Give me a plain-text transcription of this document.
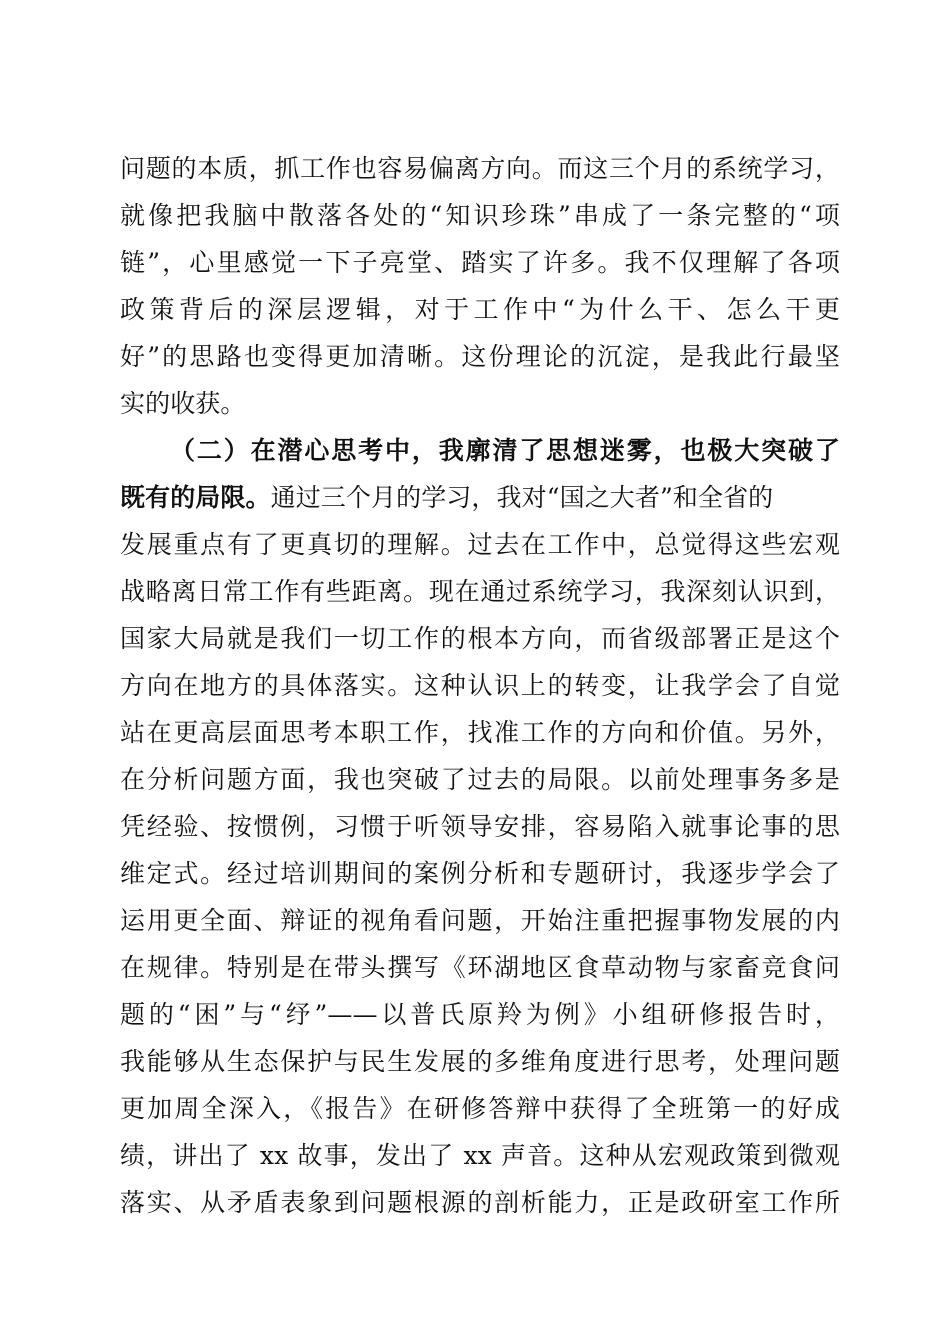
问题的本质，抓工作也容易偏离方向。而这三个月的系统学习，
就像把我脑中散落各处的“知识珍珠”串成了一条完整的“项
链”，心里感觉一下子亮堂、踏实了许多。我不仅理解了各项
政策背后的深层逻辑，对于工作中“为什么干、怎么干更
好”的思路也变得更加清晰。这份理论的沉淀，是我此行最坚
实的收获。
（二）在潜心思考中，我廓清了思想迷雾，也极大突破了
既有的局限。通过三个月的学习，我对“国之大者”和全省的
发展重点有了更真切的理解。过去在工作中，总觉得这些宏观
战略离日常工作有些距离。现在通过系统学习，我深刻认识到，
国家大局就是我们一切工作的根本方向，而省级部署正是这个
方向在地方的具体落实。这种认识上的转变，让我学会了自觉
站在更高层面思考本职工作，找准工作的方向和价值。另外，
在分析问题方面，我也突破了过去的局限。以前处理事务多是
凭经验、按惯例，习惯于听领导安排，容易陷入就事论事的思
维定式。经过培训期间的案例分析和专题研讨，我逐步学会了
运用更全面、辩证的视角看问题，开始注重把握事物发展的内
在规律。特别是在带头撰写《环湖地区食草动物与家畜竞食问
题的“困”与“纾”——以普氏原羚为例》小组研修报告时，
我能够从生态保护与民生发展的多维角度进行思考，处理问题
更加周全深入，《报告》在研修答辩中获得了全班第一的好成
绩，讲出了 xx 故事，发出了 xx 声音。这种从宏观政策到微观
落实、从矛盾表象到问题根源的剖析能力，正是政研室工作所
